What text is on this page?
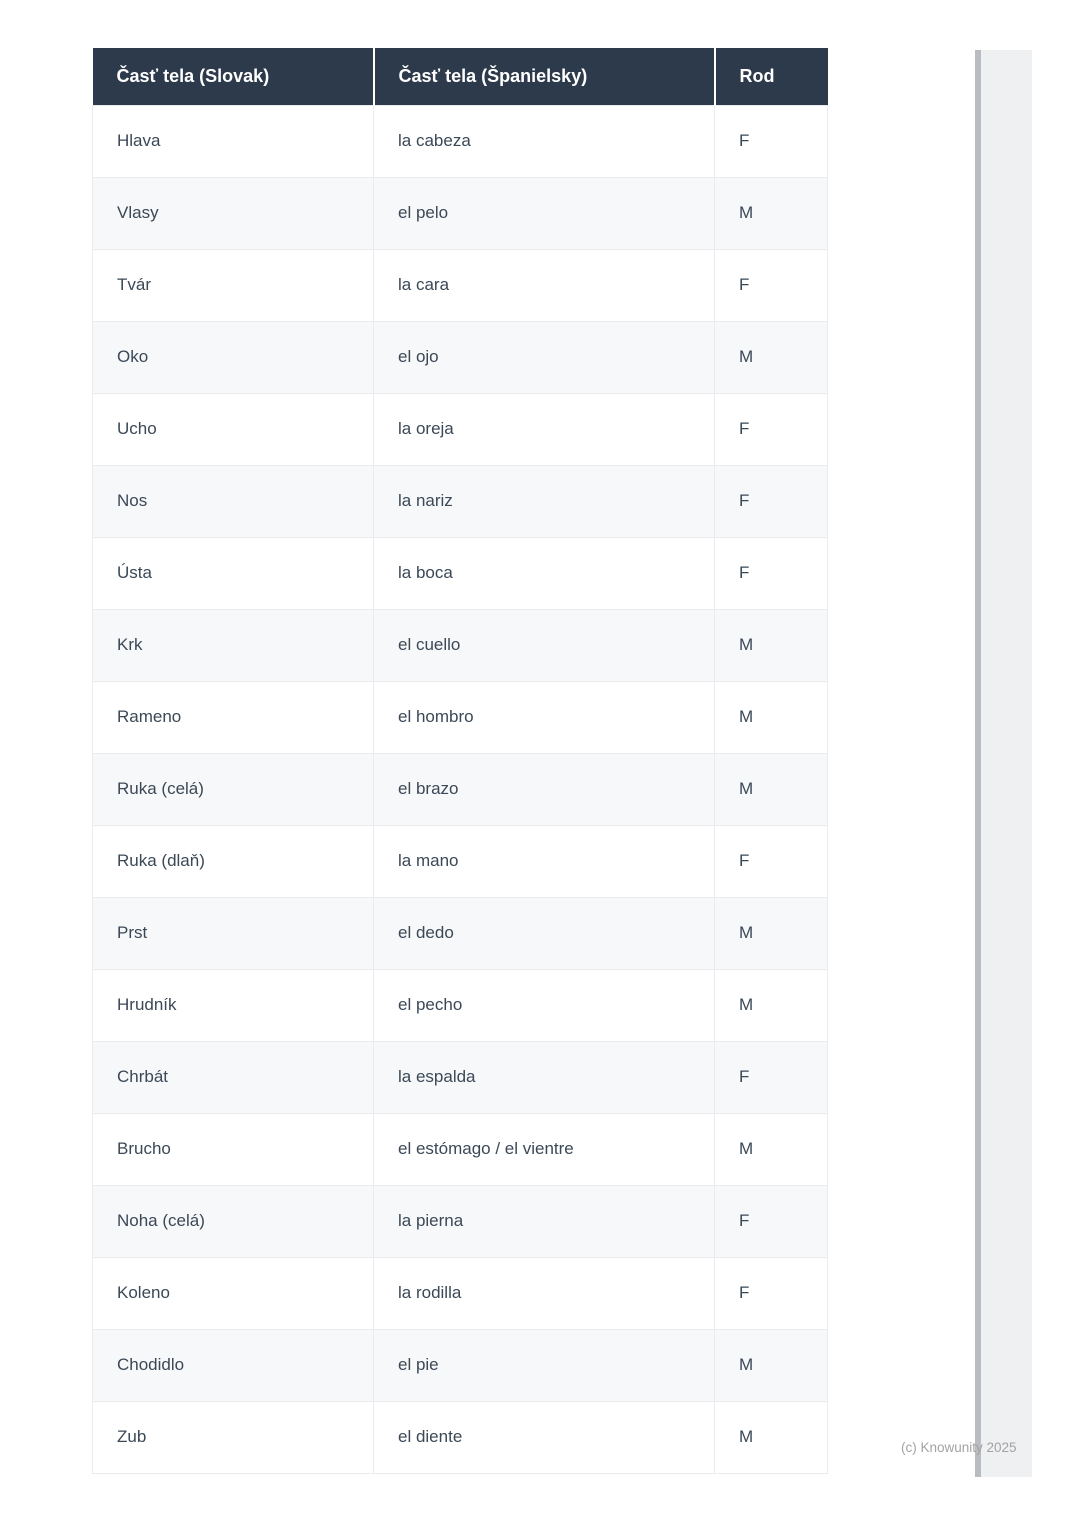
Časť tela (Slovak)	Časť tela (Španielsky)	Rod
Hlava	la cabeza	F
Vlasy	el pelo	M
Tvár	la cara	F
Oko	el ojo	M
Ucho	la oreja	F
Nos	la nariz	F
Ústa	la boca	F
Krk	el cuello	M
Rameno	el hombro	M
Ruka (celá)	el brazo	M
Ruka (dlaň)	la mano	F
Prst	el dedo	M
Hrudník	el pecho	M
Chrbát	la espalda	F
Brucho	el estómago / el vientre	M
Noha (celá)	la pierna	F
Koleno	la rodilla	F
Chodidlo	el pie	M
Zub	el diente	M
(c) Knowunity 2025
